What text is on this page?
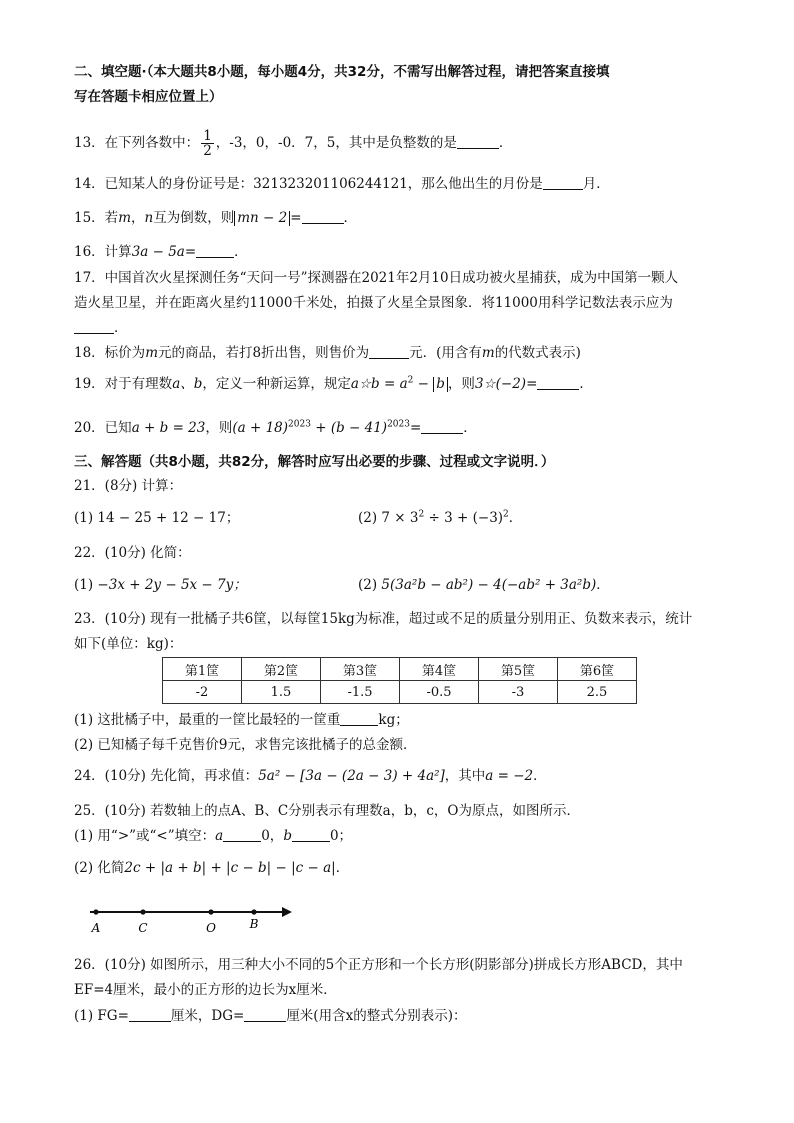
二、填空题·（本大题共8小题，每小题4分，共32分，不需写出解答过程，请把答案直接填
写在答题卡相应位置上）
13．在下列各数中： $\frac{1}{2}$ ，-3，0，-0．7，5，其中是负整数的是	．
14．已知某人的身份证号是：321323201106244121，那么他出生的月份是	月．
15．若m，n互为倒数，则 mn − 2 =	．
16．计算3a − 5a=	．
17．中国首次火星探测任务“天问一号”探测器在2021年2月10日成功被火星捕获，成为中国第一颗人
造火星卫星，并在距离火星约11000千米处，拍摄了火星全景图象．将11000用科学记数法表示应为
．
18．标价为m元的商品，若打8折出售，则售价为	元．(用含有m的代数式表示)
19．对于有理数a、b，定义一种新运算，规定a☆b = $a^2 - b$ ，则3☆(−2)=	．
20．已知a + b = 23，则$(a + 18)^{2023} + (b - 41)^{2023}=$	．
三、解答题（共8小题，共82分，解答时应写出必要的步骤、过程或文字说明．）
21．(8分) 计算：
(1) 14 − 25 + 12 − 17；	(2) $7 \times 3^2 \div 3 + (-3)^2$．
22．(10分) 化简：
(1) −3x + 2y − 5x − 7y；	(2) 5(3a²b − ab²) − 4(−ab² + 3a²b)．
23．(10分) 现有一批橘子共6筐，以每筐15kg为标准，超过或不足的质量分别用正、负数来表示，统计
如下(单位：kg)：
第1筐	第2筐	第3筐	第4筐	第5筐	第6筐
-2	1.5	-1.5	-0.5	-3	2.5
(1) 这批橘子中，最重的一筐比最轻的一筐重	kg；
(2) 已知橘子每千克售价9元，求售完该批橘子的总金额．
24．(10分) 先化简，再求值：5a² − [3a − (2a − 3) + 4a²]，其中a = −2．
25．(10分) 若数轴上的点A、B、C分别表示有理数a，b，c，O为原点，如图所示．
(1) 用“>”或“<”填空：a	0，b	0；
(2) 化简2c + |a + b| + |c − b| − |c − a|．
A	C	O	B
26．(10分) 如图所示，用三种大小不同的5个正方形和一个长方形(阴影部分)拼成长方形ABCD，其中
EF=4厘米，最小的正方形的边长为x厘米．
(1) FG=	厘米，DG=	厘米(用含x的整式分别表示)：
